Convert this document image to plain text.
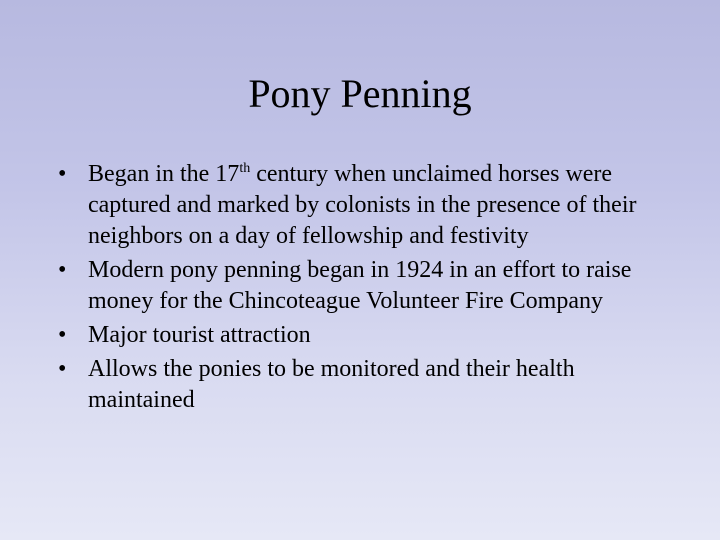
Pony Penning
• Began in the 17th century when unclaimed horses were captured and marked by colonists in the presence of their neighbors on a day of fellowship and festivity
• Modern pony penning began in 1924 in an effort to raise money for the Chincoteague Volunteer Fire Company
• Major tourist attraction
• Allows the ponies to be monitored and their health maintained
